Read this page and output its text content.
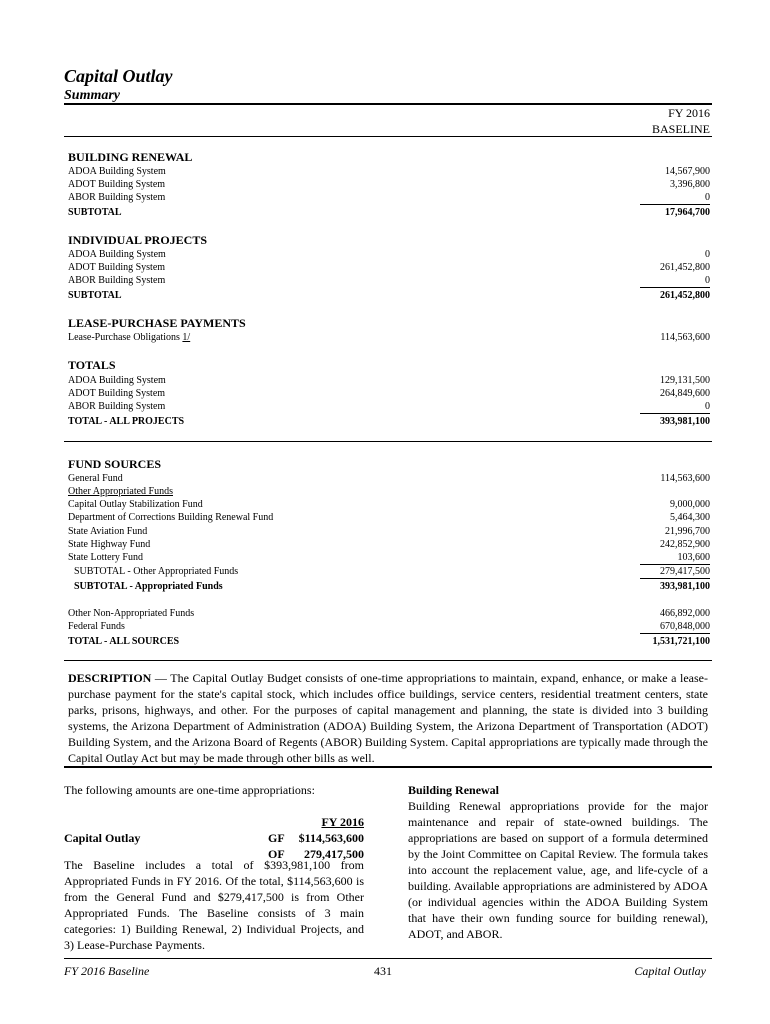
Capital Outlay
Summary
FY 2016
BASELINE
BUILDING RENEWAL
ADOA Building System	14,567,900
ADOT Building System	3,396,800
ABOR Building System	0
SUBTOTAL	17,964,700
INDIVIDUAL PROJECTS
ADOA Building System	0
ADOT Building System	261,452,800
ABOR Building System	0
SUBTOTAL	261,452,800
LEASE-PURCHASE PAYMENTS
Lease-Purchase Obligations 1/	114,563,600
TOTALS
ADOA Building System	129,131,500
ADOT Building System	264,849,600
ABOR Building System	0
TOTAL - ALL PROJECTS	393,981,100
FUND SOURCES
General Fund	114,563,600
Other Appropriated Funds
Capital Outlay Stabilization Fund	9,000,000
Department of Corrections Building Renewal Fund	5,464,300
State Aviation Fund	21,996,700
State Highway Fund	242,852,900
State Lottery Fund	103,600
SUBTOTAL - Other Appropriated Funds	279,417,500
SUBTOTAL - Appropriated Funds	393,981,100
Other Non-Appropriated Funds	466,892,000
Federal Funds	670,848,000
TOTAL - ALL SOURCES	1,531,721,100
DESCRIPTION — The Capital Outlay Budget consists of one-time appropriations to maintain, expand, enhance, or make a lease-purchase payment for the state's capital stock, which includes office buildings, service centers, residential treatment centers, state parks, prisons, highways, and other. For the purposes of capital management and planning, the state is divided into 3 building systems, the Arizona Department of Administration (ADOA) Building System, the Arizona Department of Transportation (ADOT) Building System, and the Arizona Board of Regents (ABOR) Building System. Capital appropriations are typically made through the Capital Outlay Act but may be made through other bills as well.
The following amounts are one-time appropriations:
FY 2016
Capital Outlay	GF $114,563,600
OF 279,417,500
The Baseline includes a total of $393,981,100 from Appropriated Funds in FY 2016. Of the total, $114,563,600 is from the General Fund and $279,417,500 is from Other Appropriated Funds. The Baseline consists of 3 main categories: 1) Building Renewal, 2) Individual Projects, and 3) Lease-Purchase Payments.
Building Renewal
Building Renewal appropriations provide for the major maintenance and repair of state-owned buildings. The appropriations are based on support of a formula determined by the Joint Committee on Capital Review. The formula takes into account the replacement value, age, and life-cycle of a building. Available appropriations are administered by ADOA (or individual agencies within the ADOA Building System that have their own funding source for building renewal), ADOT, and ABOR.
FY 2016 Baseline	431	Capital Outlay
